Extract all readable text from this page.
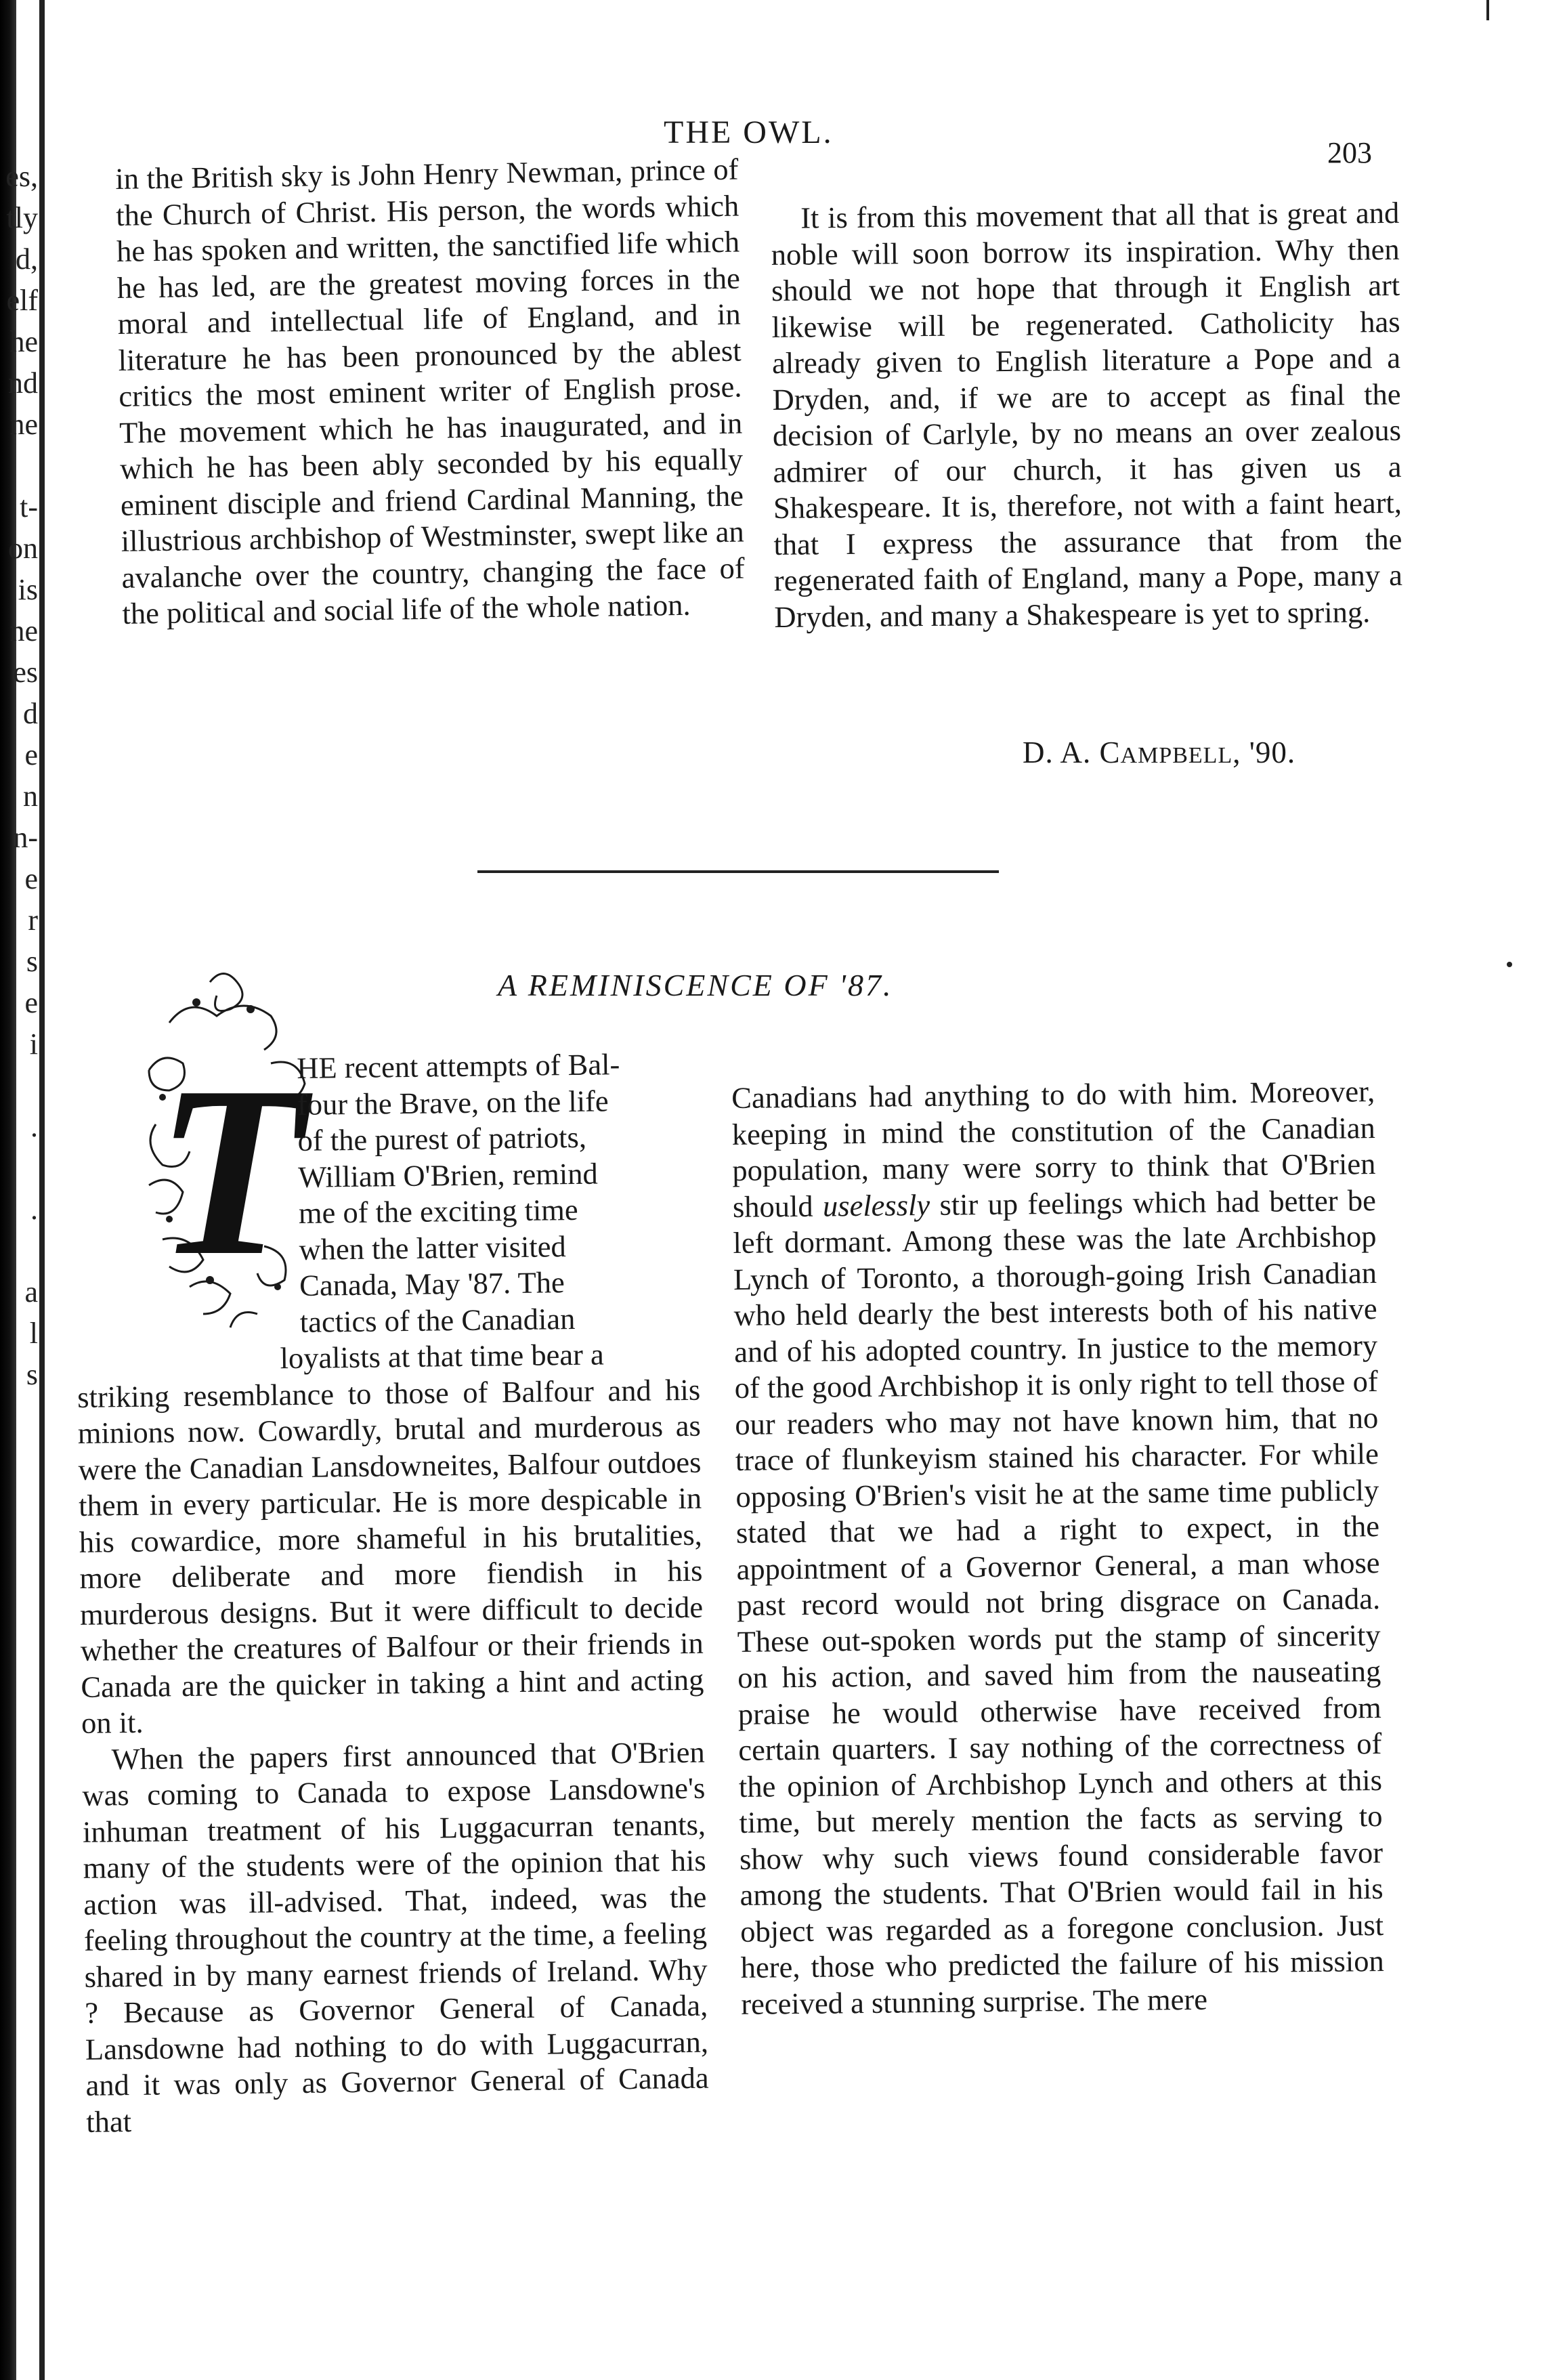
es,
tly
d,
elf
he
nd
ne
t-
on
is
ne
es
d
e
n
n-
e
r
s
e
i
.
.
a
l
s
THE OWL.
203

in the British sky is John Henry Newman, prince of the Church of Christ. His person, the words which he has spoken and written, the sanctified life which he has led, are the greatest moving forces in the moral and intellectual life of England, and in literature he has been pronounced by the ablest critics the most eminent writer of English prose. The movement which he has inaugurated, and in which he has been ably seconded by his equally eminent disciple and friend Cardinal Manning, the illustrious archbishop of Westminster, swept like an avalanche over the country, changing the face of the political and social life of the whole nation.

It is from this movement that all that is great and noble will soon borrow its inspiration. Why then should we not hope that through it English art likewise will be regenerated. Catholicity has already given to English literature a Pope and a Dryden, and, if we are to accept as final the decision of Carlyle, by no means an over zealous admirer of our church, it has given us a Shakespeare. It is, therefore, not with a faint heart, that I express the assurance that from the regenerated faith of England, many a Pope, many a Dryden, and many a Shakespeare is yet to spring.

D. A. CAMPBELL, '90.
A REMINISCENCE OF '87.
T
HE recent attempts of Bal-
four the Brave, on the life
of the purest of patriots,
William O'Brien, remind
me of the exciting time
when the latter visited
Canada, May '87. The
tactics of the Canadian
loyalists at that time bear a

striking resemblance to those of Balfour and his minions now. Cowardly, brutal and murderous as were the Canadian Lansdowneites, Balfour outdoes them in every particular. He is more despicable in his cowardice, more shameful in his brutalities, more deliberate and more fiendish in his murderous designs. But it were difficult to decide whether the creatures of Balfour or their friends in Canada are the quicker in taking a hint and acting on it.

When the papers first announced that O'Brien was coming to Canada to expose Lansdowne's inhuman treatment of his Luggacurran tenants, many of the students were of the opinion that his action was ill-advised. That, indeed, was the feeling throughout the country at the time, a feeling shared in by many earnest friends of Ireland. Why ? Because as Governor General of Canada, Lansdowne had nothing to do with Luggacurran, and it was only as Governor General of Canada that

Canadians had anything to do with him. Moreover, keeping in mind the constitution of the Canadian population, many were sorry to think that O'Brien should uselessly stir up feelings which had better be left dormant. Among these was the late Archbishop Lynch of Toronto, a thorough-going Irish Canadian who held dearly the best interests both of his native and of his adopted country. In justice to the memory of the good Archbishop it is only right to tell those of our readers who may not have known him, that no trace of flunkeyism stained his character. For while opposing O'Brien's visit he at the same time publicly stated that we had a right to expect, in the appointment of a Governor General, a man whose past record would not bring disgrace on Canada. These out-spoken words put the stamp of sincerity on his action, and saved him from the nauseating praise he would otherwise have received from certain quarters. I say nothing of the correctness of the opinion of Archbishop Lynch and others at this time, but merely mention the facts as serving to show why such views found considerable favor among the students. That O'Brien would fail in his object was regarded as a foregone conclusion. Just here, those who predicted the failure of his mission received a stunning surprise. The mere
